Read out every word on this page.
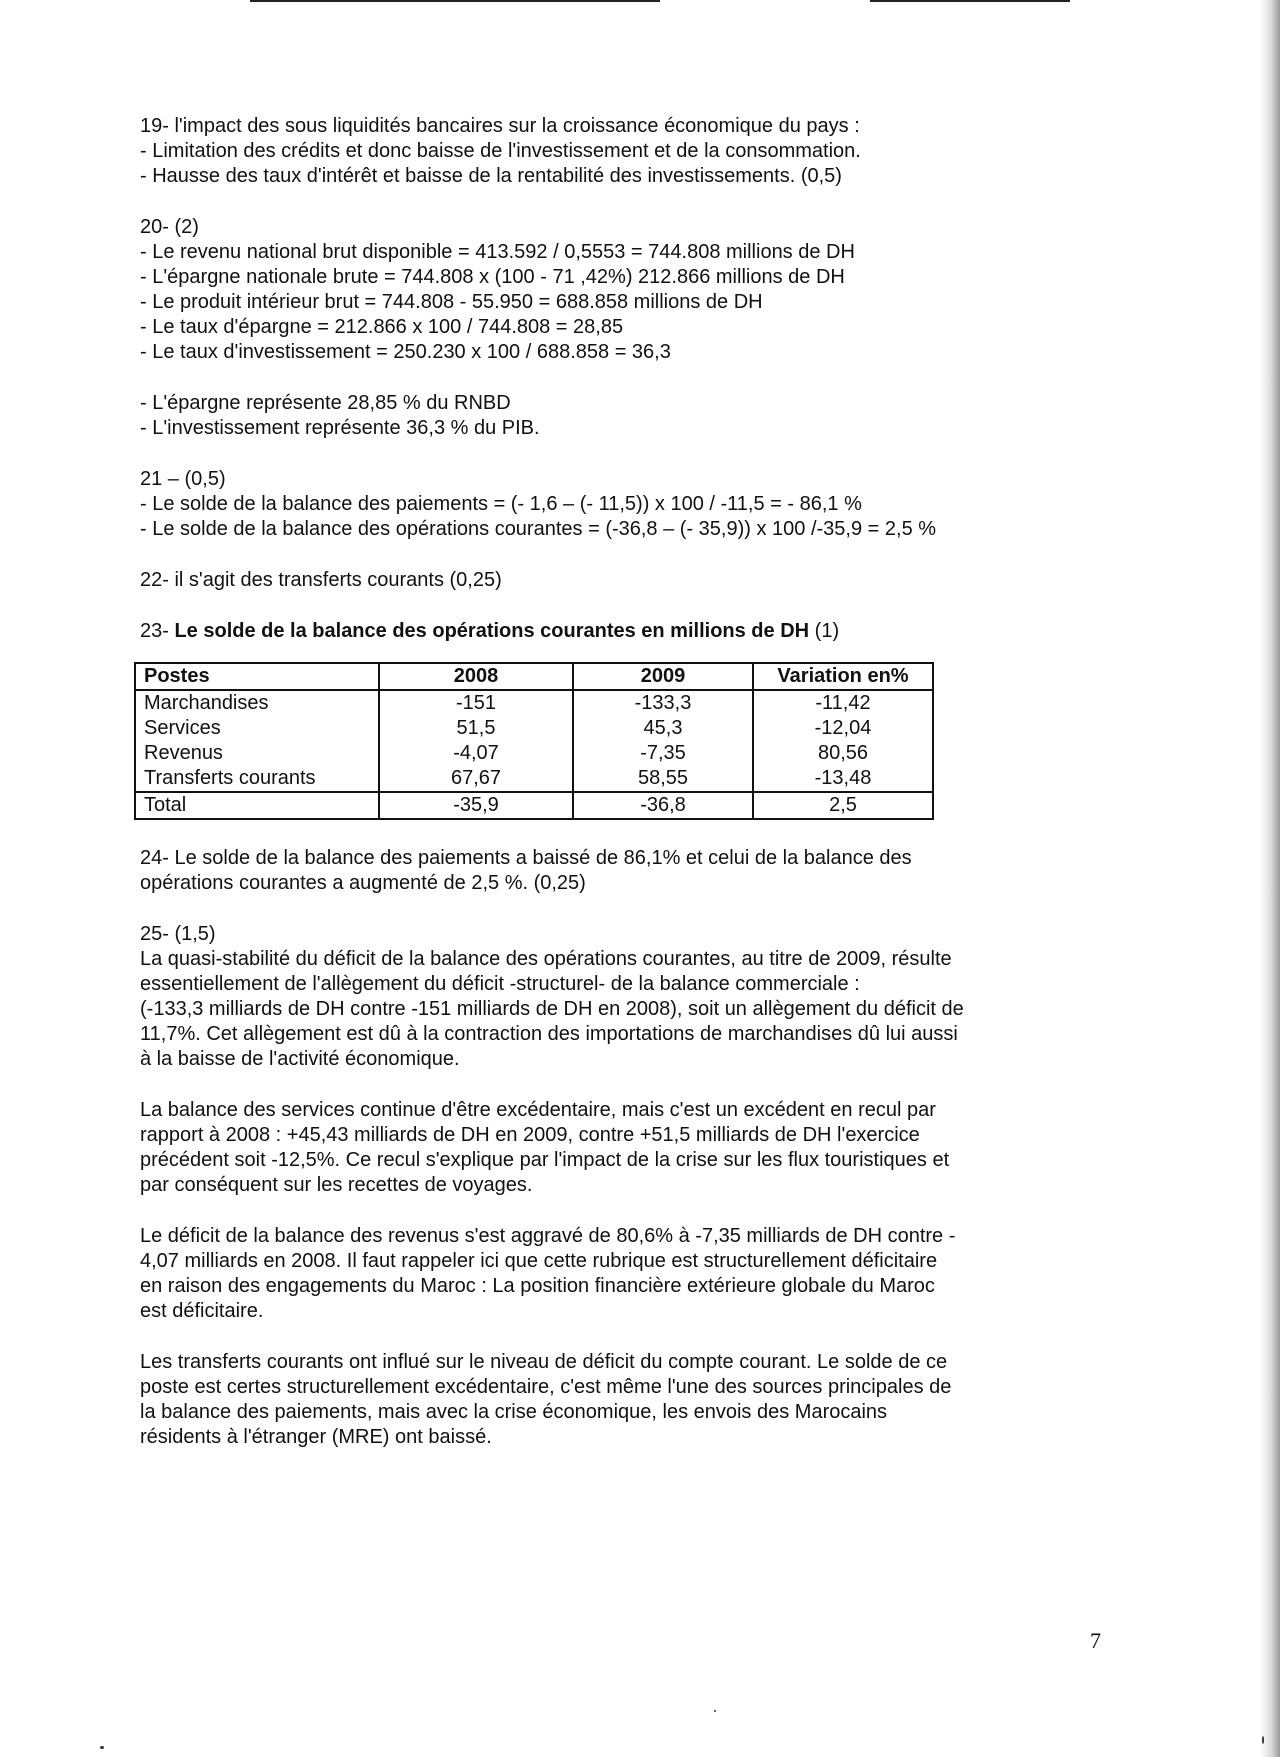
19- l'impact des sous liquidités bancaires sur la croissance économique du pays :
- Limitation des crédits et donc baisse de l'investissement et de la consommation.
- Hausse des taux d'intérêt et baisse de la rentabilité des investissements. (0,5)
20- (2)
- Le revenu national brut disponible = 413.592 / 0,5553 = 744.808 millions de DH
- L'épargne nationale brute = 744.808 x (100 - 71 ,42%) 212.866 millions de DH
- Le produit intérieur brut = 744.808 - 55.950 = 688.858 millions de DH
- Le taux d'épargne = 212.866 x 100 / 744.808 = 28,85
- Le taux d'investissement = 250.230 x 100 / 688.858 = 36,3
- L'épargne représente 28,85 % du RNBD
- L'investissement représente 36,3 % du PIB.
21 – (0,5)
- Le solde de la balance des paiements = (- 1,6 – (- 11,5)) x 100 / -11,5 = - 86,1 %
- Le solde de la balance des opérations courantes = (-36,8 – (- 35,9)) x 100 /-35,9 = 2,5 %
22- il s'agit des transferts courants (0,25)
23- Le solde de la balance des opérations courantes en millions de DH (1)
Postes	2008	2009	Variation en%
Marchandises	-151	-133,3	-11,42
Services	51,5	45,3	-12,04
Revenus	-4,07	-7,35	80,56
Transferts courants	67,67	58,55	-13,48
Total	-35,9	-36,8	2,5
24- Le solde de la balance des paiements a baissé de 86,1% et celui de la balance des
opérations courantes a augmenté de 2,5 %. (0,25)
25- (1,5)
La quasi-stabilité du déficit de la balance des opérations courantes, au titre de 2009, résulte
essentiellement de l'allègement du déficit -structurel- de la balance commerciale :
(-133,3 milliards de DH contre -151 milliards de DH en 2008), soit un allègement du déficit de
11,7%. Cet allègement est dû à la contraction des importations de marchandises dû lui aussi
à la baisse de l'activité économique.
La balance des services continue d'être excédentaire, mais c'est un excédent en recul par
rapport à 2008 : +45,43 milliards de DH en 2009, contre +51,5 milliards de DH l'exercice
précédent soit -12,5%. Ce recul s'explique par l'impact de la crise sur les flux touristiques et
par conséquent sur les recettes de voyages.
Le déficit de la balance des revenus s'est aggravé de 80,6% à -7,35 milliards de DH contre -
4,07 milliards en 2008. Il faut rappeler ici que cette rubrique est structurellement déficitaire
en raison des engagements du Maroc : La position financière extérieure globale du Maroc
est déficitaire.
Les transferts courants ont influé sur le niveau de déficit du compte courant. Le solde de ce
poste est certes structurellement excédentaire, c'est même l'une des sources principales de
la balance des paiements, mais avec la crise économique, les envois des Marocains
résidents à l'étranger (MRE) ont baissé.
7
